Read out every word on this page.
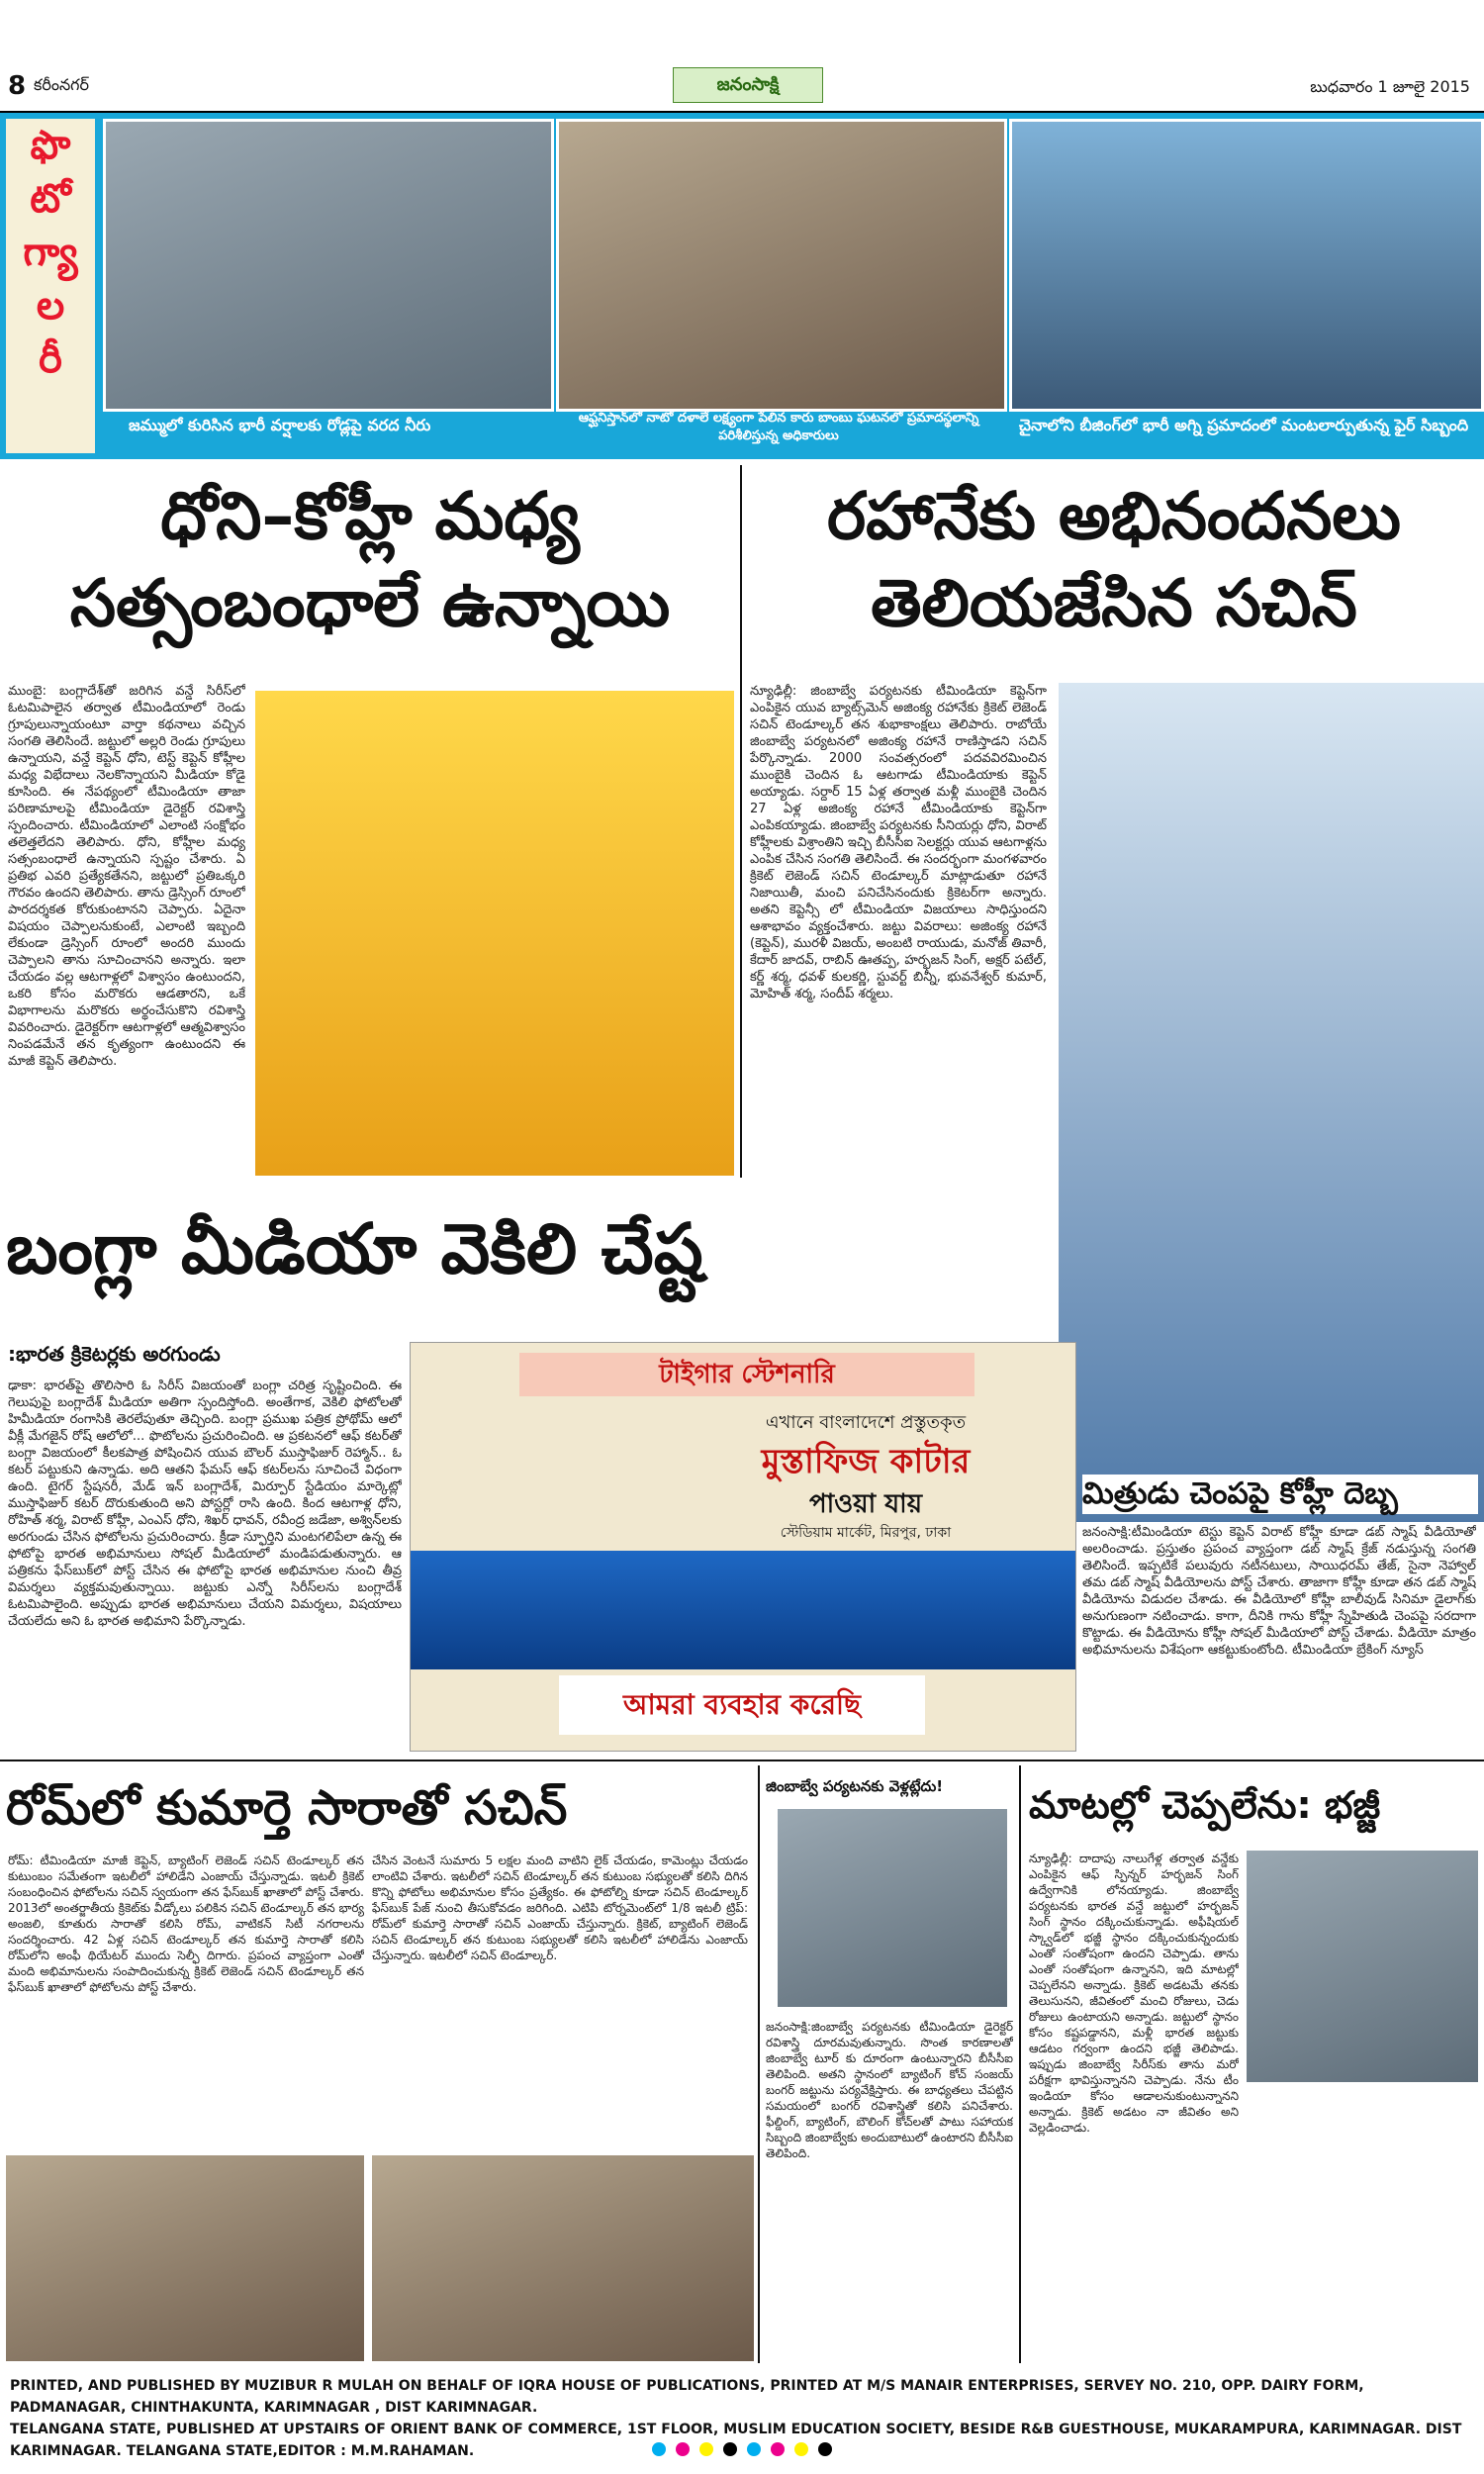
8 కరీంనగర్	జనంసాక్షి	బుధవారం 1 జూలై 2015
ఫొ
టో
గ్యా
ల
రీ
జమ్ములో కురిసిన భారీ వర్షాలకు రోడ్లపై వరద నీరు	ఆఫ్ఘనిస్తాన్‌లో నాటో దళాలే లక్ష్యంగా పేలిన కారు బాంబు ఘటనలో ప్రమాదస్థలాన్ని పరిశీలిస్తున్న అధికారులు
చైనాలోని బీజింగ్‌లో భారీ అగ్ని ప్రమాదంలో మంటలార్పుతున్న ఫైర్ సిబ్బంది
ధోని–కోహ్లీ మధ్య
సత్సంబంధాలే ఉన్నాయి
ముంబై: బంగ్లాదేశ్‌తో జరిగిన వన్డే సిరీస్‌లో ఓటమిపాలైన తర్వాత టీమిండియాలో రెండు గ్రూపులున్నాయంటూ వార్తా కథనాలు వచ్చిన సంగతి తెలిసిందే. జట్టులో అల్లరి రెండు గ్రూపులు ఉన్నాయని, వన్డే కెప్టెన్ ధోని, టెస్ట్ కెప్టెన్ కోహ్లీల మధ్య విభేదాలు నెలకొన్నాయని మీడియా కోడై కూసింది. ఈ నేపథ్యంలో టీమిండియా తాజా పరిణామాలపై టీమిండియా డైరెక్టర్ రవిశాస్త్రి స్పందించారు. టీమిండియాలో ఎలాంటి సంక్షోభం తలెత్తలేదని తెలిపారు. ధోని, కోహ్లీల మధ్య సత్సంబంధాలే ఉన్నాయని స్పష్టం చేశారు. ఏ ప్రతిభ ఎవరి ప్రత్యేకతేనని, జట్టులో ప్రతిఒక్కరి గౌరవం ఉందని తెలిపారు. తాను డ్రెస్సింగ్ రూంలో పారదర్శకత కోరుకుంటానని చెప్పారు. ఏదైనా విషయం చెప్పాలనుకుంటే, ఎలాంటి ఇబ్బంది లేకుండా డ్రెస్సింగ్ రూంలో అందరి ముందు చెప్పాలని తాను సూచించానని అన్నారు. ఇలా చేయడం వల్ల ఆటగాళ్లలో విశ్వాసం ఉంటుందని, ఒకరి కోసం మరొకరు ఆడతారని, ఒకే విభాగాలను మరొకరు అర్థంచేసుకొని రవిశాస్త్రి వివరించారు. డైరెక్టర్‌గా ఆటగాళ్లలో ఆత్మవిశ్వాసం నింపడమేనే తన కృత్యంగా ఉంటుందని ఈ మాజీ కెప్టెన్ తెలిపారు.
రహానేకు అభినందనలు
తెలియజేసిన సచిన్
న్యూఢిల్లీ: జింబాబ్వే పర్యటనకు టీమిండియా కెప్టెన్‌గా ఎంపికైన యువ బ్యాట్స్‌మెన్ అజింక్య రహానేకు క్రికెట్ లెజెండ్ సచిన్ టెండూల్కర్ తన శుభాకాంక్షలు తెలిపారు. రాబోయే జింబాబ్వే పర్యటనలో అజింక్య రహానే రాణిస్తాడని సచిన్ పేర్కొన్నాడు. 2000 సంవత్సరంలో పదవవిరమించిన ముంబైకి చెందిన ఓ ఆటగాడు టీమిండియాకు కెప్టెన్ అయ్యాడు. సర్దార్ 15 ఏళ్ల తర్వాత మళ్లీ ముంబైకి చెందిన 27 ఏళ్ల అజింక్య రహానే టీమిండియాకు కెప్టెన్‌గా ఎంపికయ్యాడు. జింబాబ్వే పర్యటనకు సీనియర్లు ధోని, విరాట్ కోహ్లీలకు విశ్రాంతిని ఇచ్చి బీసీసీఐ సెలక్టర్లు యువ ఆటగాళ్లను ఎంపిక చేసిన సంగతి తెలిసిందే. ఈ సందర్భంగా మంగళవారం క్రికెట్ లెజెండ్ సచిన్ టెండూల్కర్ మాట్లాడుతూ రహానే నిజాయితీ, మంచి పనిచేసినందుకు క్రికెటర్‌గా అన్నారు. అతని కెప్టెన్సీ లో టీమిండియా విజయాలు సాధిస్తుందని ఆశాభావం వ్యక్తంచేశారు. జట్టు వివరాలు: అజింక్య రహానే (కెప్టెన్), మురళీ విజయ్, అంబటి రాయుడు, మనోజ్ తివారీ, కేదార్ జాదవ్, రాబిన్ ఊతప్ప, హర్భజన్ సింగ్, అక్షర్ పటేల్, కర్ణ్ శర్మ, ధవళ్ కులకర్ణి, స్టువర్ట్ బిన్నీ, భువనేశ్వర్ కుమార్, మోహిత్ శర్మ, సందీప్ శర్మలు.
బంగ్లా మీడియా వెకిలి చేష్ట
:భారత క్రికెటర్లకు అరగుండు
ఢాకా: భారత్‌పై తొలిసారి ఓ సిరీస్ విజయంతో బంగ్లా చరిత్ర సృష్టించింది. ఈ గెలుపుపై బంగ్లాదేశ్ మీడియా అతిగా స్పందిస్తోంది. అంతేగాక, వెకిలి ఫోటోలతో హిమీడియా రంగాసికి తెరలేపుతూ తెచ్చింది. బంగ్లా ప్రముఖ పత్రిక ప్రోథోమ్ ఆలో వీక్లీ మేగజైన్ రోష్ ఆలోలో... ఫొటోలను ప్రచురించింది. ఆ ప్రకటనలో ఆఫ్ కటర్‌తో బంగ్లా విజయంలో కీలకపాత్ర పోషించిన యువ బౌలర్ ముస్తాఫిజుర్ రెహ్మాన్.. ఓ కటర్ పట్టుకుని ఉన్నాడు. అది ఆతని ఫేమస్ ఆఫ్ కటర్‌లను సూచించే విధంగా ఉంది. టైగర్ స్టేషనరీ, మేడ్ ఇన్ బంగ్లాదేశ్, మిర్పూర్ స్టేడియం మార్కెట్లో ముస్తాఫిజుర్ కటర్ దొరుకుతుంది అని పోస్టర్లో రాసి ఉంది. కింద ఆటగాళ్ల ధోని, రోహిత్ శర్మ, విరాట్ కోహ్లీ, ఎంఎస్ ధోని, శిఖర్ ధావన్, రవీంద్ర జడేజా, అశ్విన్‌లకు అరగుండు చేసిన ఫోటోలను ప్రచురించారు. క్రీడా స్ఫూర్తిని మంటగలిపేలా ఉన్న ఈ ఫోటోపై భారత అభిమానులు సోషల్ మీడియాలో మండిపడుతున్నారు. ఆ పత్రికను ఫేస్‌బుక్‌లో పోస్ట్ చేసిన ఈ ఫోటోపై భారత అభిమానుల నుంచి తీవ్ర విమర్శలు వ్యక్తమవుతున్నాయి. జట్టుకు ఎన్నో సిరీస్‌లను బంగ్లాదేశ్ ఓటమిపాలైంది. అప్పుడు భారత అభిమానులు చేయని విమర్శలు, విషయాలు చేయలేదు అని ఓ భారత అభిమాని పేర్కొన్నాడు.
টাইগার স্টেশনারি
এখানে বাংলাদেশে প্রস্তুতকৃত
মুস্তাফিজ কাটার
পাওয়া যায়
স্টেডিয়াম মার্কেট, মিরপুর, ঢাকা
আমরা ব্যবহার করেছি
మిత్రుడు చెంపపై కోహ్లీ దెబ్బ
జనంసాక్షి:టీమిండియా టెస్టు కెప్టెన్ విరాట్ కోహ్లీ కూడా డబ్ స్మాష్ వీడియోతో అలరించాడు. ప్రస్తుతం ప్రపంచ వ్యాప్తంగా డబ్ స్మాష్ క్రేజ్ నడుస్తున్న సంగతి తెలిసిందే. ఇప్పటికే పలువురు నటీనటులు, సాయిధరమ్ తేజ్, సైనా నెహ్వాల్ తమ డబ్ స్మాష్ వీడియోలను పోస్ట్ చేశారు. తాజాగా కోహ్లీ కూడా తన డబ్ స్మాష్ వీడియోను విడుదల చేశాడు. ఈ వీడియోలో కోహ్లీ బాలీవుడ్ సినిమా డైలాగ్‌కు అనుగుణంగా నటించాడు. కాగా, దీనికి గాను కోహ్లీ స్నేహితుడి చెంపపై సరదాగా కొట్టాడు. ఈ వీడియోను కోహ్లీ సోషల్ మీడియాలో పోస్ట్ చేశాడు. వీడియో మాత్రం అభిమానులను విశేషంగా ఆకట్టుకుంటోంది. టీమిండియా బ్రేకింగ్ న్యూస్
రోమ్‌లో కుమార్తె సారాతో సచిన్
రోమ్: టీమిండియా మాజీ కెప్టెన్, బ్యాటింగ్ లెజెండ్ సచిన్ టెండూల్కర్ తన కుటుంబం సమేతంగా ఇటలీలో హాలిడేని ఎంజాయ్ చేస్తున్నాడు. ఇటలీ క్రికెట్ సంబంధించిన ఫోటోలను సచిన్ స్వయంగా తన ఫేస్‌బుక్ ఖాతాలో పోస్ట్ చేశారు. 2013లో అంతర్జాతీయ క్రికెట్‌కు వీడ్కోలు పలికిన సచిన్ టెండూల్కర్ తన భార్య అంజలి, కూతురు సారాతో కలిసి రోమ్, వాటికన్ సిటీ నగరాలను సందర్శించారు. 42 ఏళ్ల సచిన్ టెండూల్కర్ తన కుమార్తె సారాతో కలిసి రోమ్‌లోని అంఫీ థియేటర్ ముందు సెల్ఫీ దిగారు. ప్రపంచ వ్యాప్తంగా ఎంతో మంది అభిమానులను సంపాదించుకున్న క్రికెట్ లెజెండ్ సచిన్ టెండూల్కర్ తన ఫేస్‌బుక్ ఖాతాలో ఫోటోలను పోస్ట్ చేశారు.
చేసిన వెంటనే సుమారు 5 లక్షల మంది వాటిని లైక్ చేయడం, కామెంట్లు చేయడం లాంటివి చేశారు. ఇటలీలో సచిన్ టెండూల్కర్ తన కుటుంబ సభ్యులతో కలిసి దిగిన కొన్ని ఫోటోలు అభిమానుల కోసం ప్రత్యేకం. ఈ ఫోటోల్ని కూడా సచిన్ టెండూల్కర్ ఫేస్‌బుక్ పేజ్ నుంచి తీసుకోవడం జరిగింది. ఎటిపి టోర్నమెంట్‌లో 1/8 ఇటలీ ట్రిప్: రోమ్‌లో కుమార్తె సారాతో సచిన్ ఎంజాయ్ చేస్తున్నారు. క్రికెట్, బ్యాటింగ్ లెజెండ్ సచిన్ టెండూల్కర్ తన కుటుంబ సభ్యులతో కలిసి ఇటలీలో హాలిడేను ఎంజాయ్ చేస్తున్నారు. ఇటలీలో సచిన్ టెండూల్కర్.
జింబాబ్వే పర్యటనకు వెళ్లట్లేదు!
జనంసాక్షి:జింబాబ్వే పర్యటనకు టీమిండియా డైరెక్టర్ రవిశాస్త్రి దూరమవుతున్నారు. సొంత కారణాలతో జింబాబ్వే టూర్ కు దూరంగా ఉంటున్నారని బీసీసీఐ తెలిపింది. అతని స్థానంలో బ్యాటింగ్ కోచ్ సంజయ్ బంగర్ జట్టును పర్యవేక్షిస్తారు. ఈ బాధ్యతలు చేపట్టిన సమయంలో బంగర్ రవిశాస్త్రితో కలిసి పనిచేశారు. ఫీల్డింగ్, బ్యాటింగ్, బౌలింగ్ కోచ్‌లతో పాటు సహాయక సిబ్బంది జింబాబ్వేకు అందుబాటులో ఉంటారని బీసీసీఐ తెలిపింది.
మాటల్లో చెప్పలేను: భజ్జీ
న్యూఢిల్లీ: దాదాపు నాలుగేళ్ల తర్వాత వన్డేకు ఎంపికైన ఆఫ్ స్పిన్నర్ హర్భజన్ సింగ్ ఉద్వేగానికి లోనయ్యాడు. జింబాబ్వే పర్యటనకు భారత వన్డే జట్టులో హర్భజన్ సింగ్ స్థానం దక్కించుకున్నాడు. అఫీషియల్ స్క్వాడ్‌లో భజ్జీ స్థానం దక్కించుకున్నందుకు ఎంతో సంతోషంగా ఉందని చెప్పాడు. తాను ఎంతో సంతోషంగా ఉన్నానని, ఇది మాటల్లో చెప్పలేనని అన్నాడు. క్రికెట్ అడటమే తనకు తెలుసునని, జీవితంలో మంచి రోజులు, చెడు రోజులు ఉంటాయని అన్నాడు. జట్టులో స్థానం కోసం కష్టపడ్డానని, మళ్లీ భారత జట్టుకు ఆడటం గర్వంగా ఉందని భజ్జీ తెలిపాడు. ఇప్పుడు జింబాబ్వే సిరీస్‌కు తాను మరో పరీక్షగా భావిస్తున్నానని చెప్పాడు. నేను టీం ఇండియా కోసం ఆడాలనుకుంటున్నానని అన్నాడు. క్రికెట్ అడటం నా జీవితం అని వెల్లడించాడు.
PRINTED, AND PUBLISHED BY MUZIBUR R MULAH ON BEHALF OF IQRA HOUSE OF PUBLICATIONS, PRINTED AT M/S MANAIR ENTERPRISES, SERVEY NO. 210, OPP. DAIRY FORM, PADMANAGAR, CHINTHAKUNTA, KARIMNAGAR , DIST KARIMNAGAR.
TELANGANA STATE, PUBLISHED AT UPSTAIRS OF ORIENT BANK OF COMMERCE, 1ST FLOOR, MUSLIM EDUCATION SOCIETY, BESIDE R&B GUESTHOUSE, MUKARAMPURA, KARIMNAGAR. DIST KARIMNAGAR. TELANGANA STATE,EDITOR : M.M.RAHAMAN.
